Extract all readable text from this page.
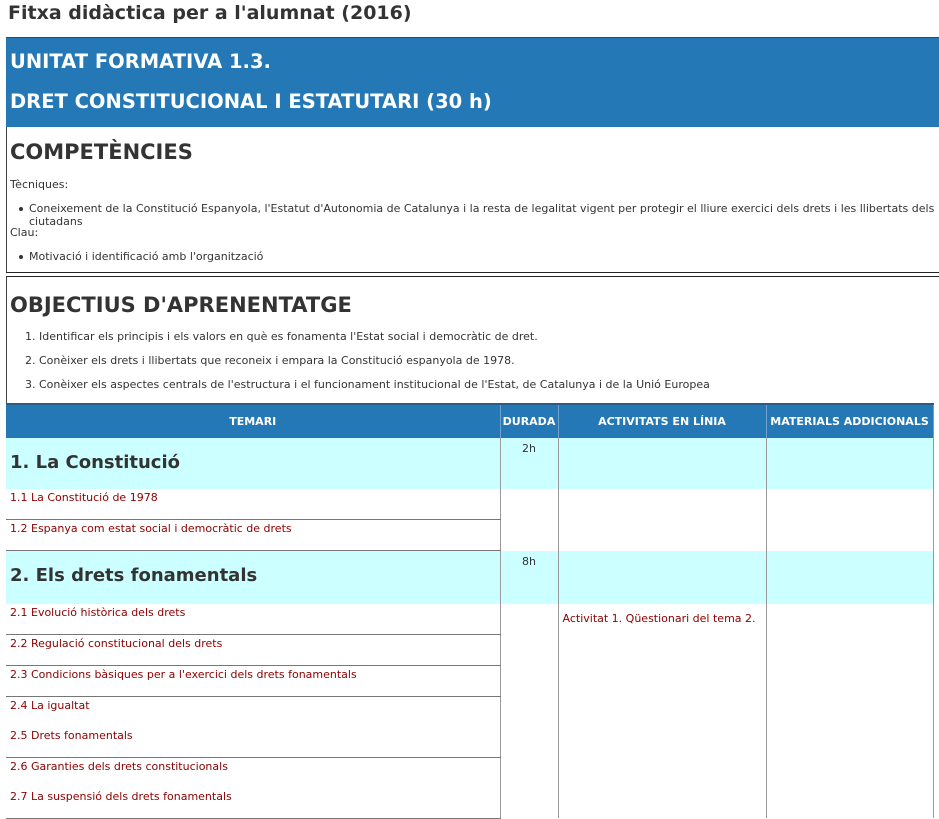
Fitxa didàctica per a l'alumnat (2016)
UNITAT FORMATIVA 1.3.
DRET CONSTITUCIONAL I ESTATUTARI (30 h)
COMPETÈNCIES
Tècniques:
Coneixement de la Constitució Espanyola, l'Estatut d'Autonomia de Catalunya i la resta de legalitat vigent per protegir el lliure exercici dels drets i les llibertats dels ciutadans
Clau:
Motivació i identificació amb l'organització
OBJECTIUS D'APRENENTATGE
1. Identificar els principis i els valors en què es fonamenta l'Estat social i democràtic de dret.
2. Conèixer els drets i llibertats que reconeix i empara la Constitució espanyola de 1978.
3. Conèixer els aspectes centrals de l'estructura i el funcionament institucional de l'Estat, de Catalunya i de la Unió Europea
TEMARI	DURADA	ACTIVITATS EN LÍNIA	MATERIALS ADDICIONALS
1. La Constitució	2h		
1.1 La Constitució de 1978			
1.2 Espanya com estat social i democràtic de drets			
2. Els drets fonamentals	8h		
2.1 Evolució històrica dels drets		Activitat 1. Qüestionari del tema 2.	
2.2 Regulació constitucional dels drets			
2.3 Condicions bàsiques per a l'exercici dels drets fonamentals			
2.4 La igualtat			
2.5 Drets fonamentals			
2.6 Garanties dels drets constitucionals			
2.7 La suspensió dels drets fonamentals			
